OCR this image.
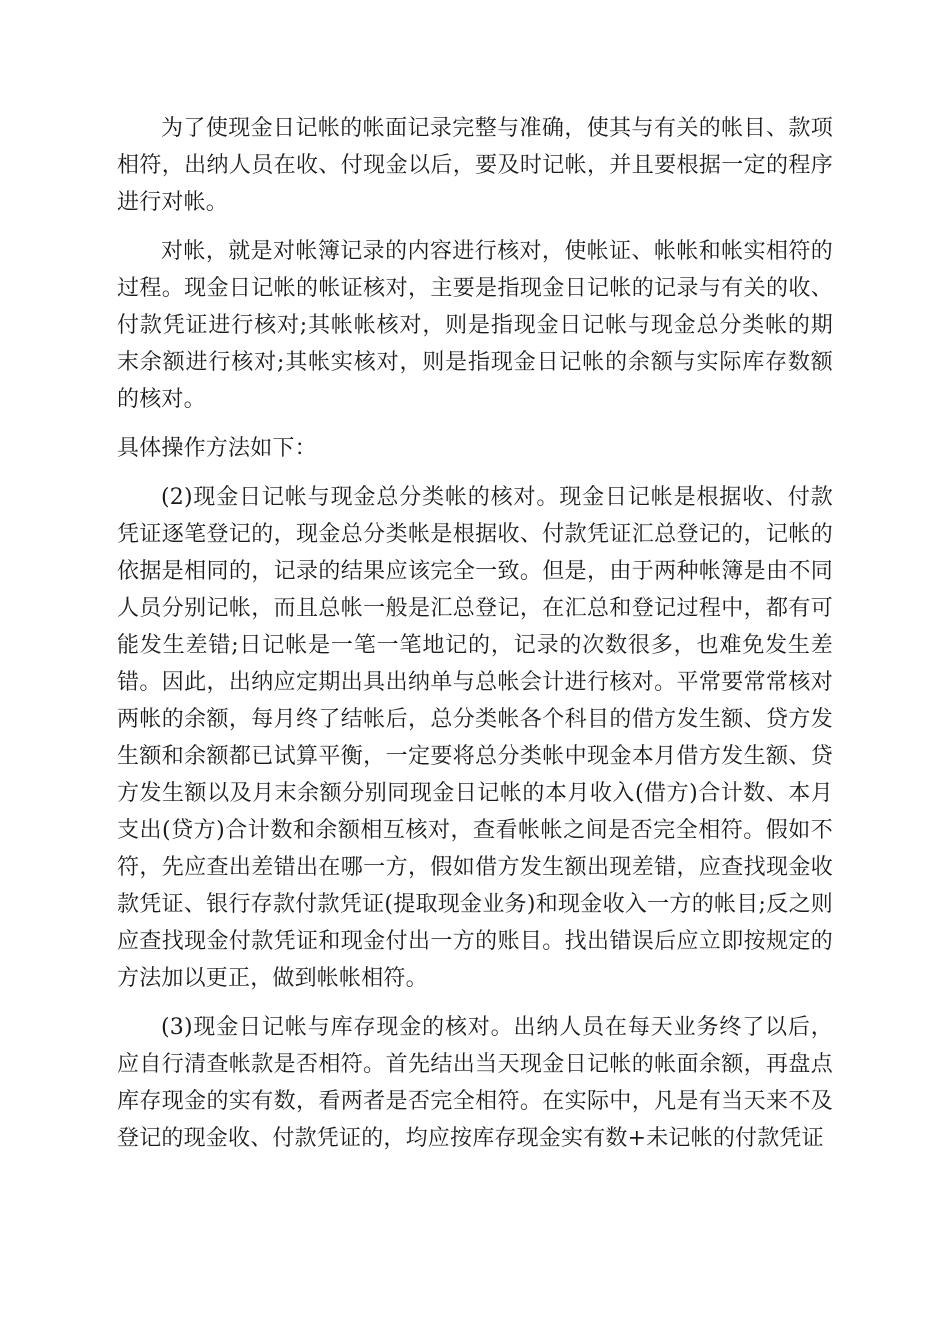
为了使现金日记帐的帐面记录完整与准确，使其与有关的帐目、款项相符，出纳人员在收、付现金以后，要及时记帐，并且要根据一定的程序进行对帐。

对帐，就是对帐簿记录的内容进行核对，使帐证、帐帐和帐实相符的过程。现金日记帐的帐证核对，主要是指现金日记帐的记录与有关的收、付款凭证进行核对;其帐帐核对，则是指现金日记帐与现金总分类帐的期末余额进行核对;其帐实核对，则是指现金日记帐的余额与实际库存数额的核对。

具体操作方法如下：

(2)现金日记帐与现金总分类帐的核对。现金日记帐是根据收、付款凭证逐笔登记的，现金总分类帐是根据收、付款凭证汇总登记的，记帐的依据是相同的，记录的结果应该完全一致。但是，由于两种帐簿是由不同人员分别记帐，而且总帐一般是汇总登记，在汇总和登记过程中，都有可能发生差错;日记帐是一笔一笔地记的，记录的次数很多，也难免发生差错。因此，出纳应定期出具出纳单与总帐会计进行核对。平常要常常核对两帐的余额，每月终了结帐后，总分类帐各个科目的借方发生额、贷方发生额和余额都已试算平衡，一定要将总分类帐中现金本月借方发生额、贷方发生额以及月末余额分别同现金日记帐的本月收入(借方)合计数、本月支出(贷方)合计数和余额相互核对，查看帐帐之间是否完全相符。假如不符，先应查出差错出在哪一方，假如借方发生额出现差错，应查找现金收款凭证、银行存款付款凭证(提取现金业务)和现金收入一方的帐目;反之则应查找现金付款凭证和现金付出一方的账目。找出错误后应立即按规定的方法加以更正，做到帐帐相符。

(3)现金日记帐与库存现金的核对。出纳人员在每天业务终了以后，应自行清查帐款是否相符。首先结出当天现金日记帐的帐面余额，再盘点库存现金的实有数，看两者是否完全相符。在实际中，凡是有当天来不及登记的现金收、付款凭证的，均应按库存现金实有数+未记帐的付款凭证
